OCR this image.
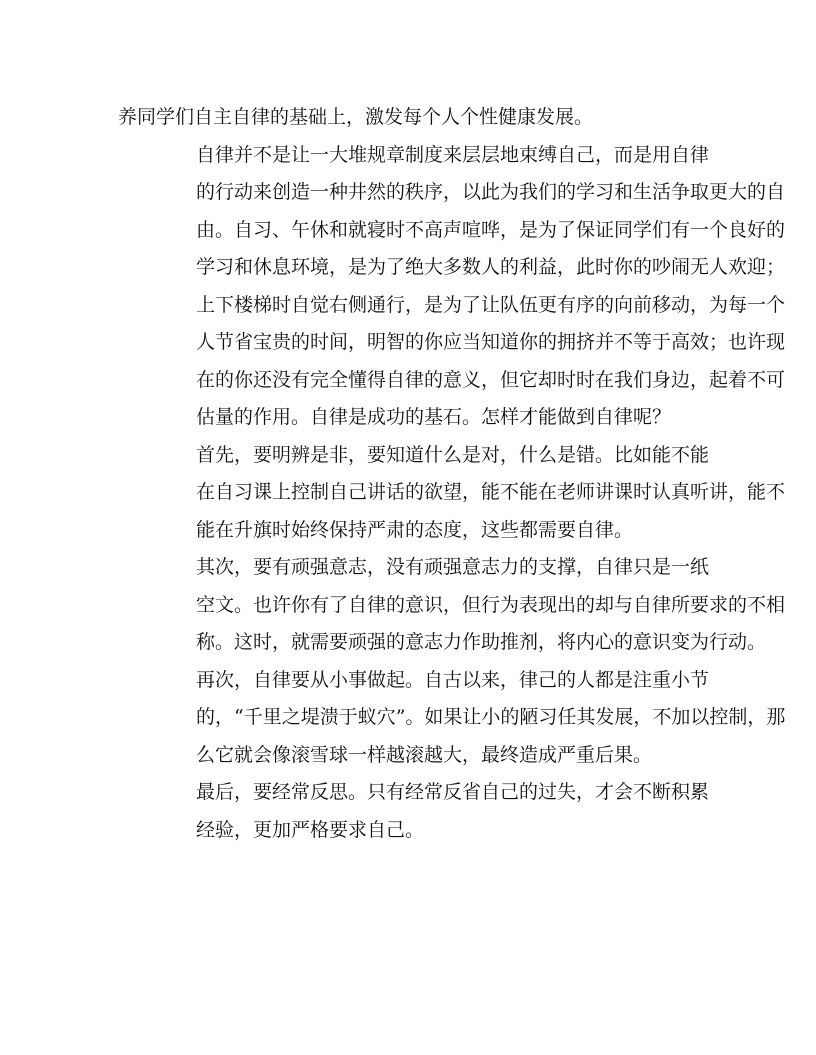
养同学们自主自律的基础上，激发每个人个性健康发展。

自律并不是让一大堆规章制度来层层地束缚自己，而是用自律
的行动来创造一种井然的秩序，以此为我们的学习和生活争取更大的自
由。自习、午休和就寝时不高声喧哗，是为了保证同学们有一个良好的
学习和休息环境，是为了绝大多数人的利益，此时你的吵闹无人欢迎；
上下楼梯时自觉右侧通行，是为了让队伍更有序的向前移动，为每一个
人节省宝贵的时间，明智的你应当知道你的拥挤并不等于高效；也许现
在的你还没有完全懂得自律的意义，但它却时时在我们身边，起着不可
估量的作用。自律是成功的基石。怎样才能做到自律呢？

首先，要明辨是非，要知道什么是对，什么是错。比如能不能
在自习课上控制自己讲话的欲望，能不能在老师讲课时认真听讲，能不
能在升旗时始终保持严肃的态度，这些都需要自律。

其次，要有顽强意志，没有顽强意志力的支撑，自律只是一纸
空文。也许你有了自律的意识，但行为表现出的却与自律所要求的不相
称。这时，就需要顽强的意志力作助推剂，将内心的意识变为行动。

再次，自律要从小事做起。自古以来，律己的人都是注重小节
的，“千里之堤溃于蚁穴”。如果让小的陋习任其发展，不加以控制，那
么它就会像滚雪球一样越滚越大，最终造成严重后果。

最后，要经常反思。只有经常反省自己的过失，才会不断积累
经验，更加严格要求自己。
